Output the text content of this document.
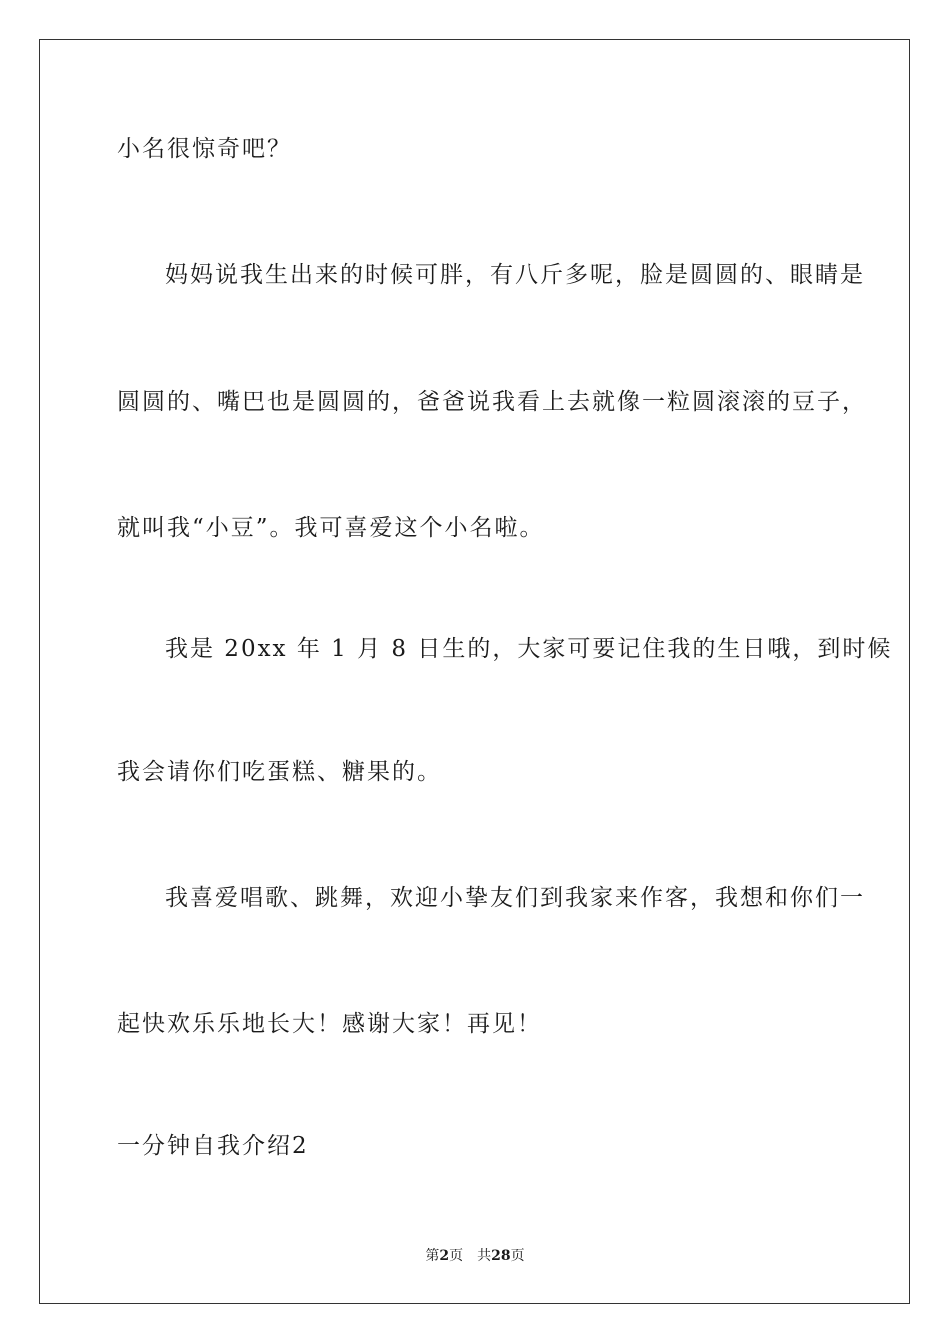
小名很惊奇吧？
妈妈说我生出来的时候可胖，有八斤多呢，脸是圆圆的、眼睛是
圆圆的、嘴巴也是圆圆的，爸爸说我看上去就像一粒圆滚滚的豆子，
就叫我“小豆”。我可喜爱这个小名啦。
我是 20xx 年 1 月 8 日生的，大家可要记住我的生日哦，到时候
我会请你们吃蛋糕、糖果的。
我喜爱唱歌、跳舞，欢迎小挚友们到我家来作客，我想和你们一
起快欢乐乐地长大！感谢大家！再见！
一分钟自我介绍2
第2页 共28页
